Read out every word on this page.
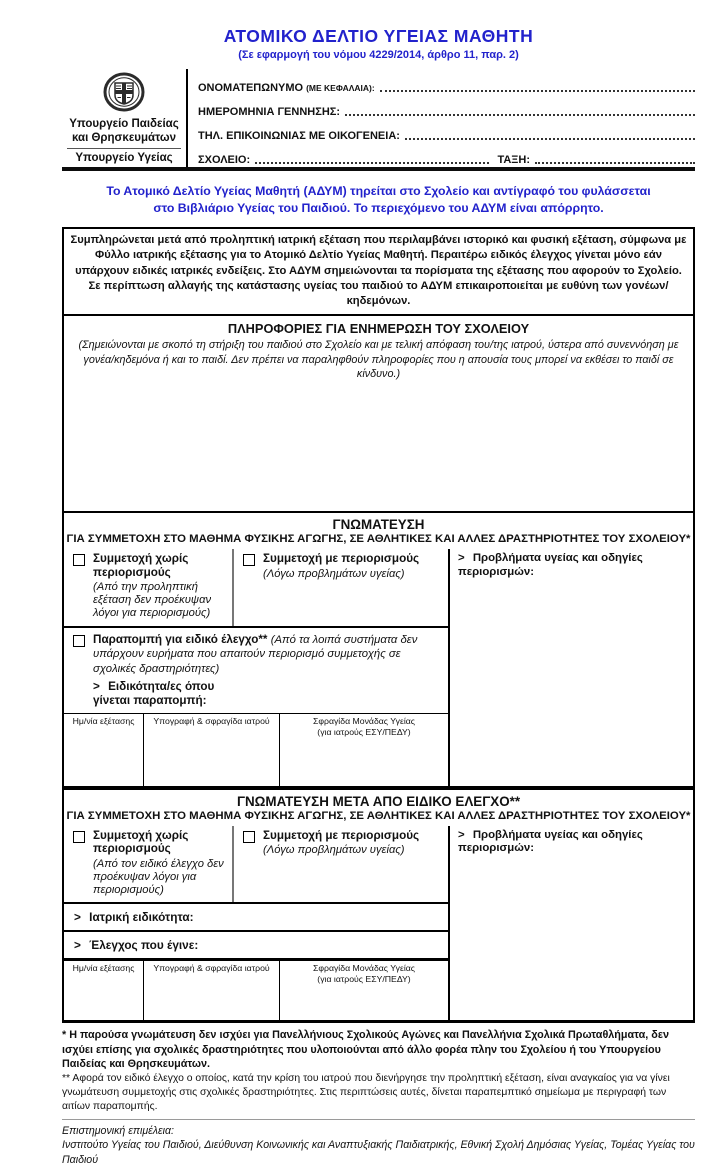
ΑΤΟΜΙΚΟ ΔΕΛΤΙΟ ΥΓΕΙΑΣ ΜΑΘΗΤΗ
(Σε εφαρμογή του νόμου 4229/2014, άρθρο 11, παρ. 2)
Υπουργείο Παιδείας
και Θρησκευμάτων
Υπουργείο Υγείας
ΟΝΟΜΑΤΕΠΩΝΥΜΟ (ΜΕ ΚΕΦΑΛΑΙΑ):
ΗΜΕΡΟΜΗΝΙΑ ΓΕΝΝΗΣΗΣ:
ΤΗΛ. ΕΠΙΚΟΙΝΩΝΙΑΣ ΜΕ ΟΙΚΟΓΕΝΕΙΑ:
ΣΧΟΛΕΙΟ:	ΤΑΞΗ:
Το Ατομικό Δελτίο Υγείας Μαθητή (ΑΔΥΜ) τηρείται στο Σχολείο και αντίγραφό του φυλάσσεται
στο Βιβλιάριο Υγείας του Παιδιού. Το περιεχόμενο του ΑΔΥΜ είναι απόρρητο.
Συμπληρώνεται μετά από προληπτική ιατρική εξέταση που περιλαμβάνει ιστορικό και φυσική εξέταση, σύμφωνα με Φύλλο ιατρικής εξέτασης για το Ατομικό Δελτίο Υγείας Μαθητή. Περαιτέρω ειδικός έλεγχος γίνεται μόνο εάν υπάρχουν ειδικές ιατρικές ενδείξεις. Στο ΑΔΥΜ σημειώνονται τα πορίσματα της εξέτασης που αφορούν το Σχολείο. Σε περίπτωση αλλαγής της κατάστασης υγείας του παιδιού το ΑΔΥΜ επικαιροποιείται με ευθύνη των γονέων/κηδεμόνων.
ΠΛΗΡΟΦΟΡΙΕΣ ΓΙΑ ΕΝΗΜΕΡΩΣΗ ΤΟΥ ΣΧΟΛΕΙΟΥ
(Σημειώνονται με σκοπό τη στήριξη του παιδιού στο Σχολείο και με τελική απόφαση του/της ιατρού, ύστερα από συνεννόηση με γονέα/κηδεμόνα ή και το παιδί. Δεν πρέπει να παραληφθούν πληροφορίες που η απουσία τους μπορεί να εκθέσει το παιδί σε κίνδυνο.)
ΓΝΩΜΑΤΕΥΣΗ
ΓΙΑ ΣΥΜΜΕΤΟΧΗ ΣΤΟ ΜΑΘΗΜΑ ΦΥΣΙΚΗΣ ΑΓΩΓΗΣ, ΣΕ ΑΘΛΗΤΙΚΕΣ ΚΑΙ ΑΛΛΕΣ ΔΡΑΣΤΗΡΙΟΤΗΤΕΣ ΤΟΥ ΣΧΟΛΕΙΟΥ*
Συμμετοχή χωρίς περιορισμούς
(Από την προληπτική εξέταση δεν προέκυψαν λόγοι για περιορισμούς)
Συμμετοχή με περιορισμούς
(Λόγω προβλημάτων υγείας)
Παραπομπή για ειδικό έλεγχο** (Από τα λοιπά συστήματα δεν υπάρχουν ευρήματα που απαιτούν περιορισμό συμμετοχής σε σχολικές δραστηριότητες)
> Ειδικότητα/ες όπου
γίνεται παραπομπή:
Ημ/νία εξέτασης	Υπογραφή & σφραγίδα ιατρού	Σφραγίδα Μονάδας Υγείας
(για ιατρούς ΕΣΥ/ΠΕΔΥ)
> Προβλήματα υγείας και οδηγίες περιορισμών:
ΓΝΩΜΑΤΕΥΣΗ ΜΕΤΑ ΑΠΟ ΕΙΔΙΚΟ ΕΛΕΓΧΟ**
ΓΙΑ ΣΥΜΜΕΤΟΧΗ ΣΤΟ ΜΑΘΗΜΑ ΦΥΣΙΚΗΣ ΑΓΩΓΗΣ, ΣΕ ΑΘΛΗΤΙΚΕΣ ΚΑΙ ΑΛΛΕΣ ΔΡΑΣΤΗΡΙΟΤΗΤΕΣ ΤΟΥ ΣΧΟΛΕΙΟΥ*
Συμμετοχή χωρίς περιορισμούς
(Από τον ειδικό έλεγχο δεν προέκυψαν λόγοι για περιορισμούς)
Συμμετοχή με περιορισμούς
(Λόγω προβλημάτων υγείας)
> Ιατρική ειδικότητα:
> Έλεγχος που έγινε:
Ημ/νία εξέτασης	Υπογραφή & σφραγίδα ιατρού	Σφραγίδα Μονάδας Υγείας
(για ιατρούς ΕΣΥ/ΠΕΔΥ)
> Προβλήματα υγείας και οδηγίες περιορισμών:
* Η παρούσα γνωμάτευση δεν ισχύει για Πανελλήνιους Σχολικούς Αγώνες και Πανελλήνια Σχολικά Πρωταθλήματα, δεν ισχύει επίσης για σχολικές δραστηριότητες που υλοποιούνται από άλλο φορέα πλην του Σχολείου ή του Υπουργείου Παιδείας και Θρησκευμάτων.
** Αφορά τον ειδικό έλεγχο ο οποίος, κατά την κρίση του ιατρού που διενήργησε την προληπτική εξέταση, είναι αναγκαίος για να γίνει γνωμάτευση συμμετοχής στις σχολικές δραστηριότητες. Στις περιπτώσεις αυτές, δίνεται παραπεμπτικό σημείωμα με περιγραφή των αιτίων παραπομπής.
Επιστημονική επιμέλεια:
Ινστιτούτο Υγείας του Παιδιού, Διεύθυνση Κοινωνικής και Αναπτυξιακής Παιδιατρικής, Εθνική Σχολή Δημόσιας Υγείας, Τομέας Υγείας του Παιδιού
